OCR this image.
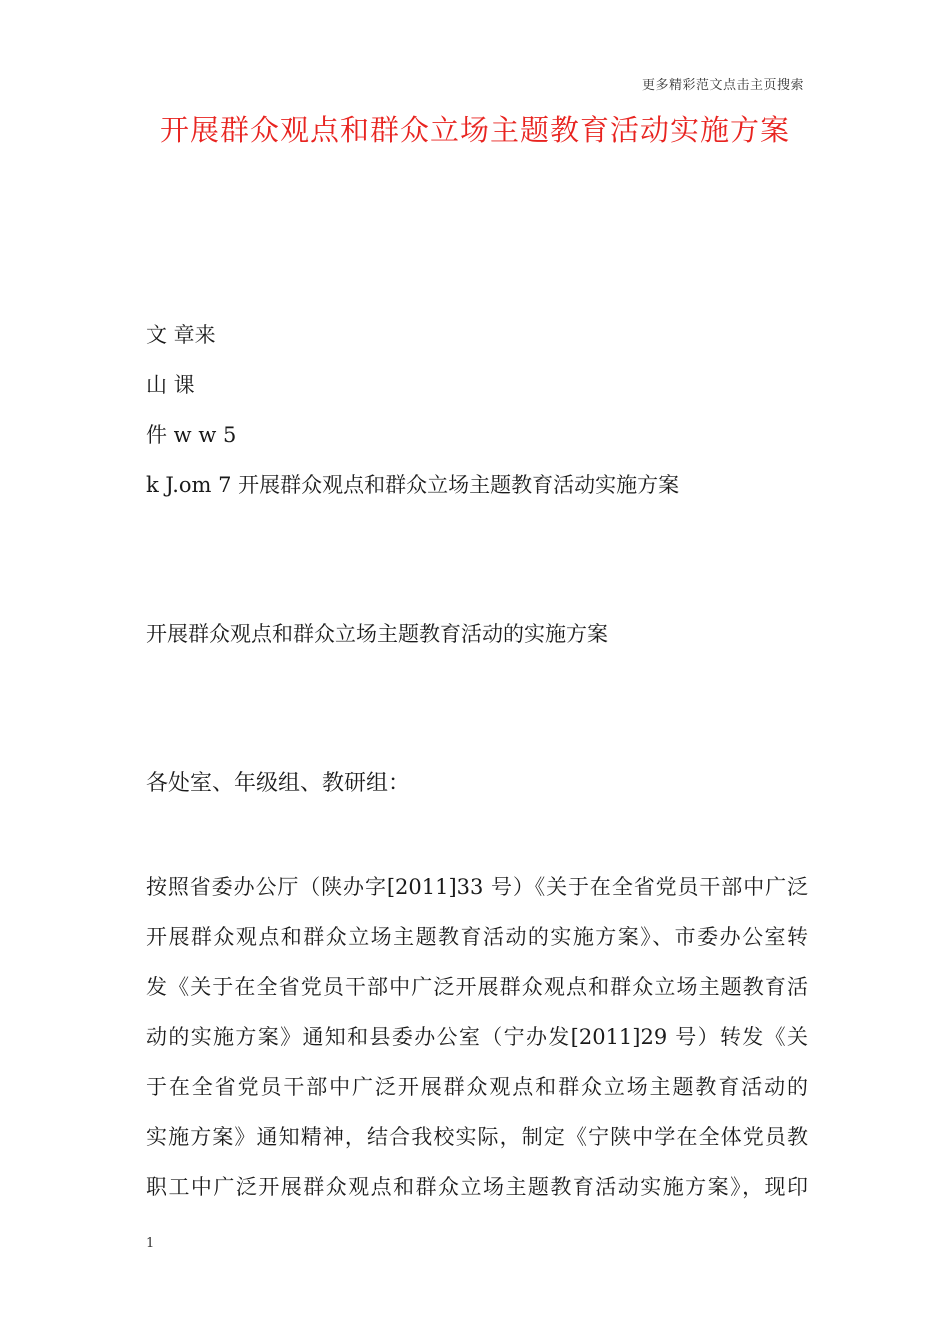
更多精彩范文点击主页搜索
开展群众观点和群众立场主题教育活动实施方案
文 章来
山 课
件 w w 5
k J.om 7 开展群众观点和群众立场主题教育活动实施方案
开展群众观点和群众立场主题教育活动的实施方案
各处室、年级组、教研组：
按照省委办公厅（陕办字[2011]33 号）《关于在全省党员干部中广泛
开展群众观点和群众立场主题教育活动的实施方案》、市委办公室转
发《关于在全省党员干部中广泛开展群众观点和群众立场主题教育活
动的实施方案》通知和县委办公室（宁办发[2011]29 号）转发《关
于在全省党员干部中广泛开展群众观点和群众立场主题教育活动的
实施方案》通知精神，结合我校实际，制定《宁陕中学在全体党员教
职工中广泛开展群众观点和群众立场主题教育活动实施方案》，现印
1
